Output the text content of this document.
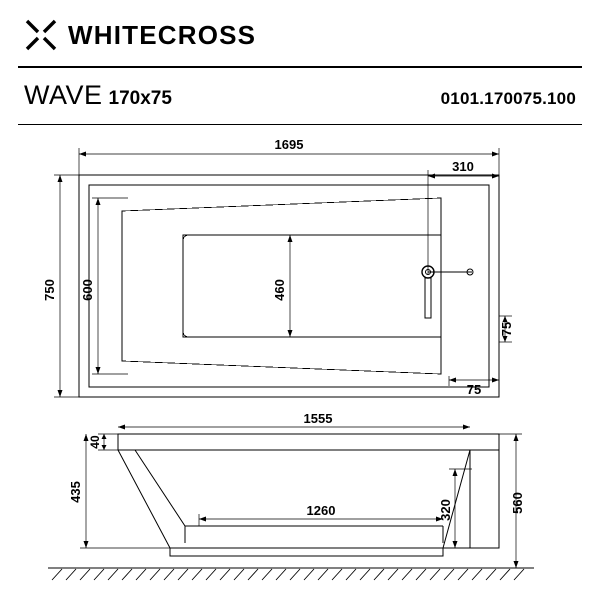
WHITECROSS
WAVE 170x75	0101.170075.100
1695
310
750 600	460
75
75
1555
40
435
1260	320	560
